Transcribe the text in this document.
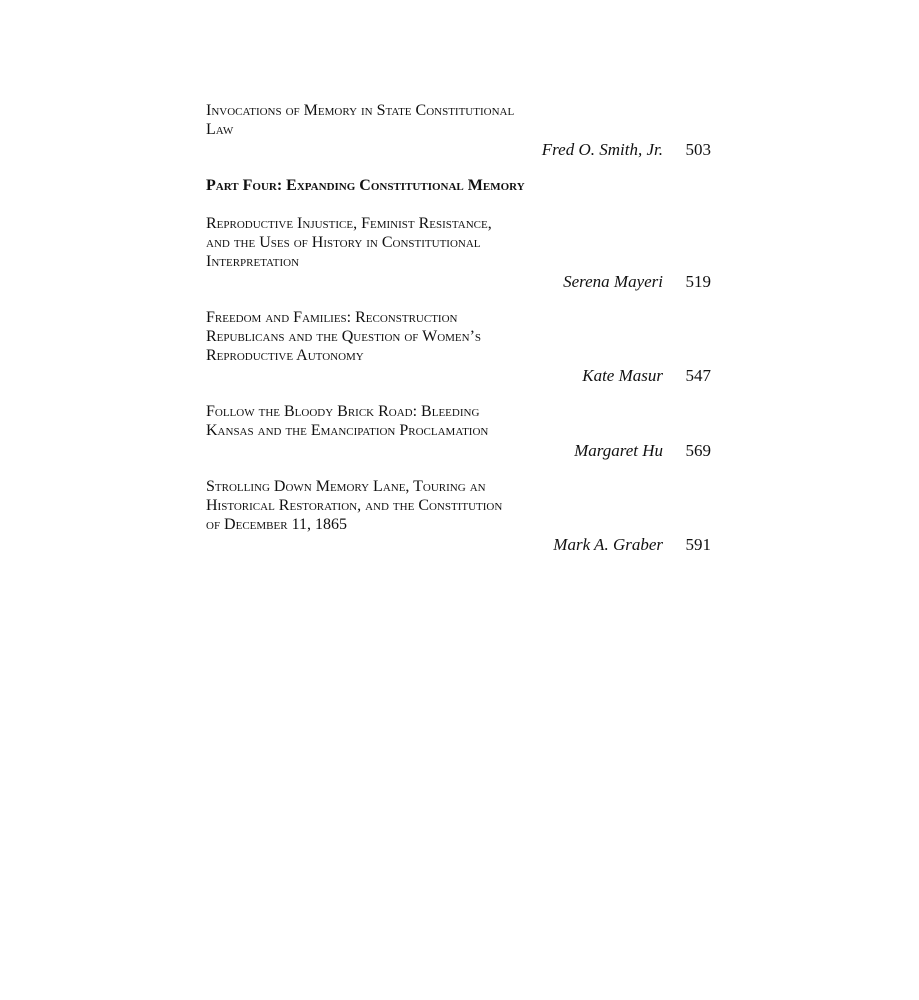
Invocations of Memory in State Constitutional
Law
Fred O. Smith, Jr. 503
Part Four: Expanding Constitutional Memory
Reproductive Injustice, Feminist Resistance,
and the Uses of History in Constitutional
Interpretation
Serena Mayeri 519
Freedom and Families: Reconstruction
Republicans and the Question of Women’s
Reproductive Autonomy
Kate Masur 547
Follow the Bloody Brick Road: Bleeding
Kansas and the Emancipation Proclamation
Margaret Hu 569
Strolling Down Memory Lane, Touring an
Historical Restoration, and the Constitution
of December 11, 1865
Mark A. Graber 591
